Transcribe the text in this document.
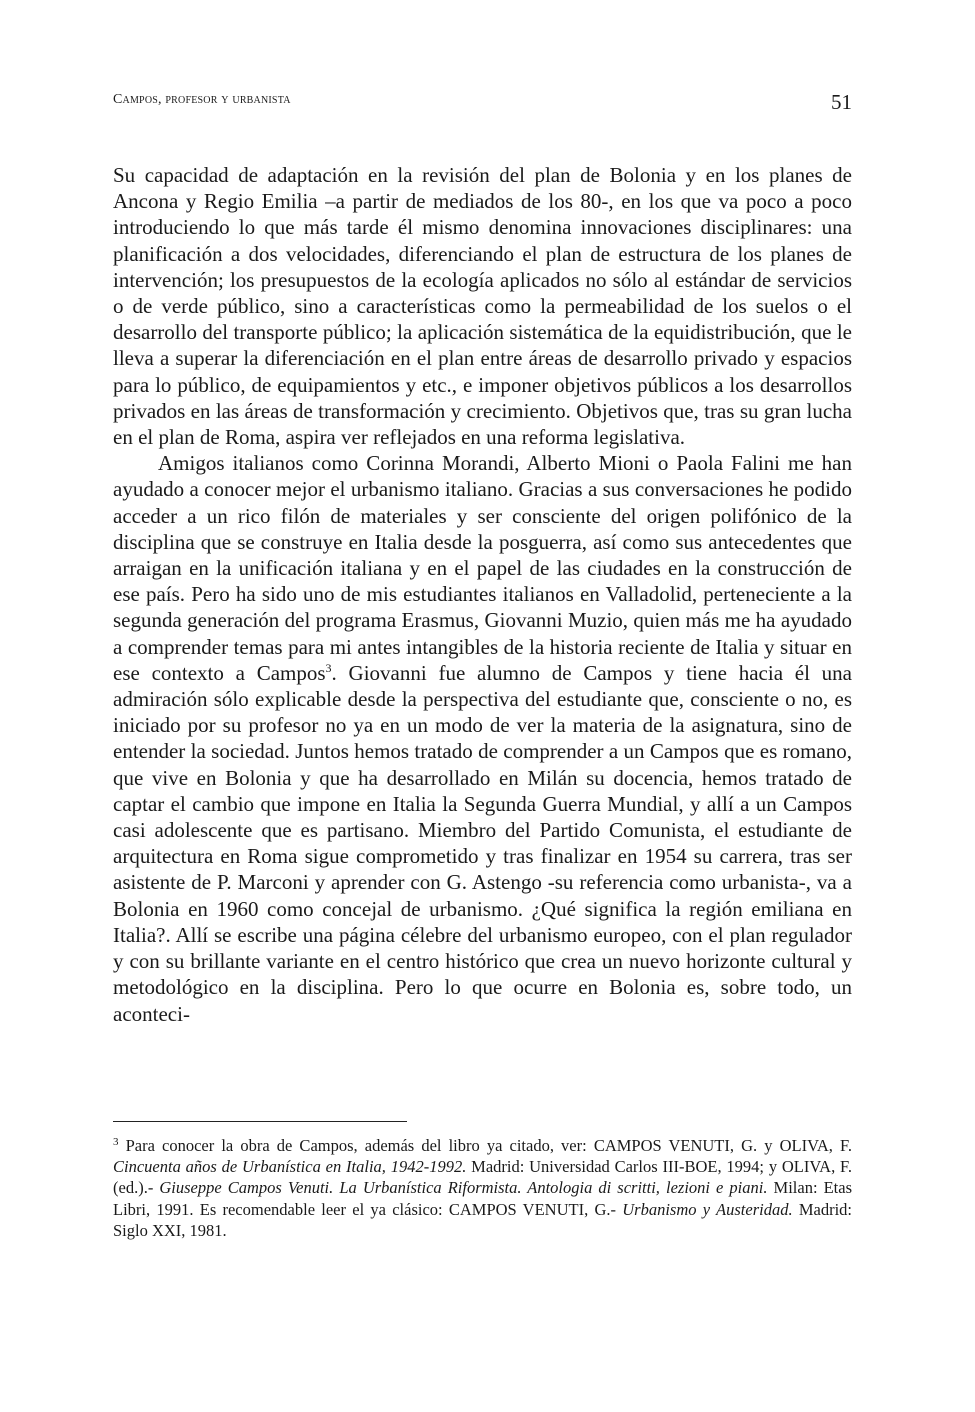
Campos, profesor y urbanista	51

Su capacidad de adaptación en la revisión del plan de Bolonia y en los planes de Ancona y Regio Emilia –a partir de mediados de los 80-, en los que va poco a poco introduciendo lo que más tarde él mismo denomina innovaciones disciplinares: una planificación a dos velocidades, diferenciando el plan de estructura de los planes de intervención; los presupuestos de la ecología aplicados no sólo al estándar de servicios o de verde público, sino a características como la permeabilidad de los suelos o el desarrollo del transporte público; la aplicación sistemática de la equidistribución, que le lleva a superar la diferenciación en el plan entre áreas de desarrollo privado y espacios para lo público, de equipamientos y etc., e imponer objetivos públicos a los desarrollos privados en las áreas de transformación y crecimiento. Objetivos que, tras su gran lucha en el plan de Roma, aspira ver reflejados en una reforma legislativa.

Amigos italianos como Corinna Morandi, Alberto Mioni o Paola Falini me han ayudado a conocer mejor el urbanismo italiano. Gracias a sus conversaciones he podido acceder a un rico filón de materiales y ser consciente del origen polifónico de la disciplina que se construye en Italia desde la posguerra, así como sus antecedentes que arraigan en la unificación italiana y en el papel de las ciudades en la construcción de ese país. Pero ha sido uno de mis estudiantes italianos en Valladolid, perteneciente a la segunda generación del programa Erasmus, Giovanni Muzio, quien más me ha ayudado a comprender temas para mi antes intangibles de la historia reciente de Italia y situar en ese contexto a Campos$^3$. Giovanni fue alumno de Campos y tiene hacia él una admiración sólo explicable desde la perspectiva del estudiante que, consciente o no, es iniciado por su profesor no ya en un modo de ver la materia de la asignatura, sino de entender la sociedad. Juntos hemos tratado de comprender a un Campos que es romano, que vive en Bolonia y que ha desarrollado en Milán su docencia, hemos tratado de captar el cambio que impone en Italia la Segunda Guerra Mundial, y allí a un Campos casi adolescente que es partisano. Miembro del Partido Comunista, el estudiante de arquitectura en Roma sigue comprometido y tras finalizar en 1954 su carrera, tras ser asistente de P. Marconi y aprender con G. Astengo -su referencia como urbanista-, va a Bolonia en 1960 como concejal de urbanismo. ¿Qué significa la región emiliana en Italia?. Allí se escribe una página célebre del urbanismo europeo, con el plan regulador y con su brillante variante en el centro histórico que crea un nuevo horizonte cultural y metodológico en la disciplina. Pero lo que ocurre en Bolonia es, sobre todo, un aconteci-

$^3$ Para conocer la obra de Campos, además del libro ya citado, ver: CAMPOS VENUTI, G. y OLIVA, F. Cincuenta años de Urbanística en Italia, 1942-1992. Madrid: Universidad Carlos III-BOE, 1994; y OLIVA, F. (ed.).- Giuseppe Campos Venuti. La Urbanística Riformista. Antologia di scritti, lezioni e piani. Milan: Etas Libri, 1991. Es recomendable leer el ya clásico: CAMPOS VENUTI, G.- Urbanismo y Austeridad. Madrid: Siglo XXI, 1981.
